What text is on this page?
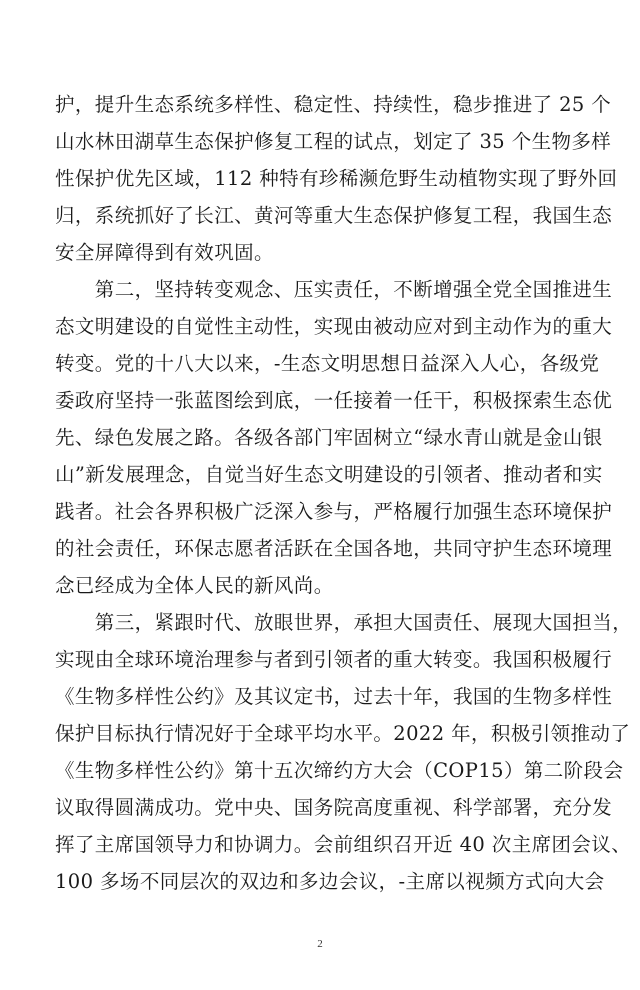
护，提升生态系统多样性、稳定性、持续性，稳步推进了 25 个
山水林田湖草生态保护修复工程的试点，划定了 35 个生物多样
性保护优先区域，112 种特有珍稀濒危野生动植物实现了野外回
归，系统抓好了长江、黄河等重大生态保护修复工程，我国生态
安全屏障得到有效巩固。
　　第二，坚持转变观念、压实责任，不断增强全党全国推进生
态文明建设的自觉性主动性，实现由被动应对到主动作为的重大
转变。党的十八大以来，-生态文明思想日益深入人心，各级党
委政府坚持一张蓝图绘到底，一任接着一任干，积极探索生态优
先、绿色发展之路。各级各部门牢固树立“绿水青山就是金山银
山”新发展理念，自觉当好生态文明建设的引领者、推动者和实
践者。社会各界积极广泛深入参与，严格履行加强生态环境保护
的社会责任，环保志愿者活跃在全国各地，共同守护生态环境理
念已经成为全体人民的新风尚。
　　第三，紧跟时代、放眼世界，承担大国责任、展现大国担当，
实现由全球环境治理参与者到引领者的重大转变。我国积极履行
《生物多样性公约》及其议定书，过去十年，我国的生物多样性
保护目标执行情况好于全球平均水平。2022 年，积极引领推动了
《生物多样性公约》第十五次缔约方大会（COP15）第二阶段会
议取得圆满成功。党中央、国务院高度重视、科学部署，充分发
挥了主席国领导力和协调力。会前组织召开近 40 次主席团会议、
100 多场不同层次的双边和多边会议，-主席以视频方式向大会
2
